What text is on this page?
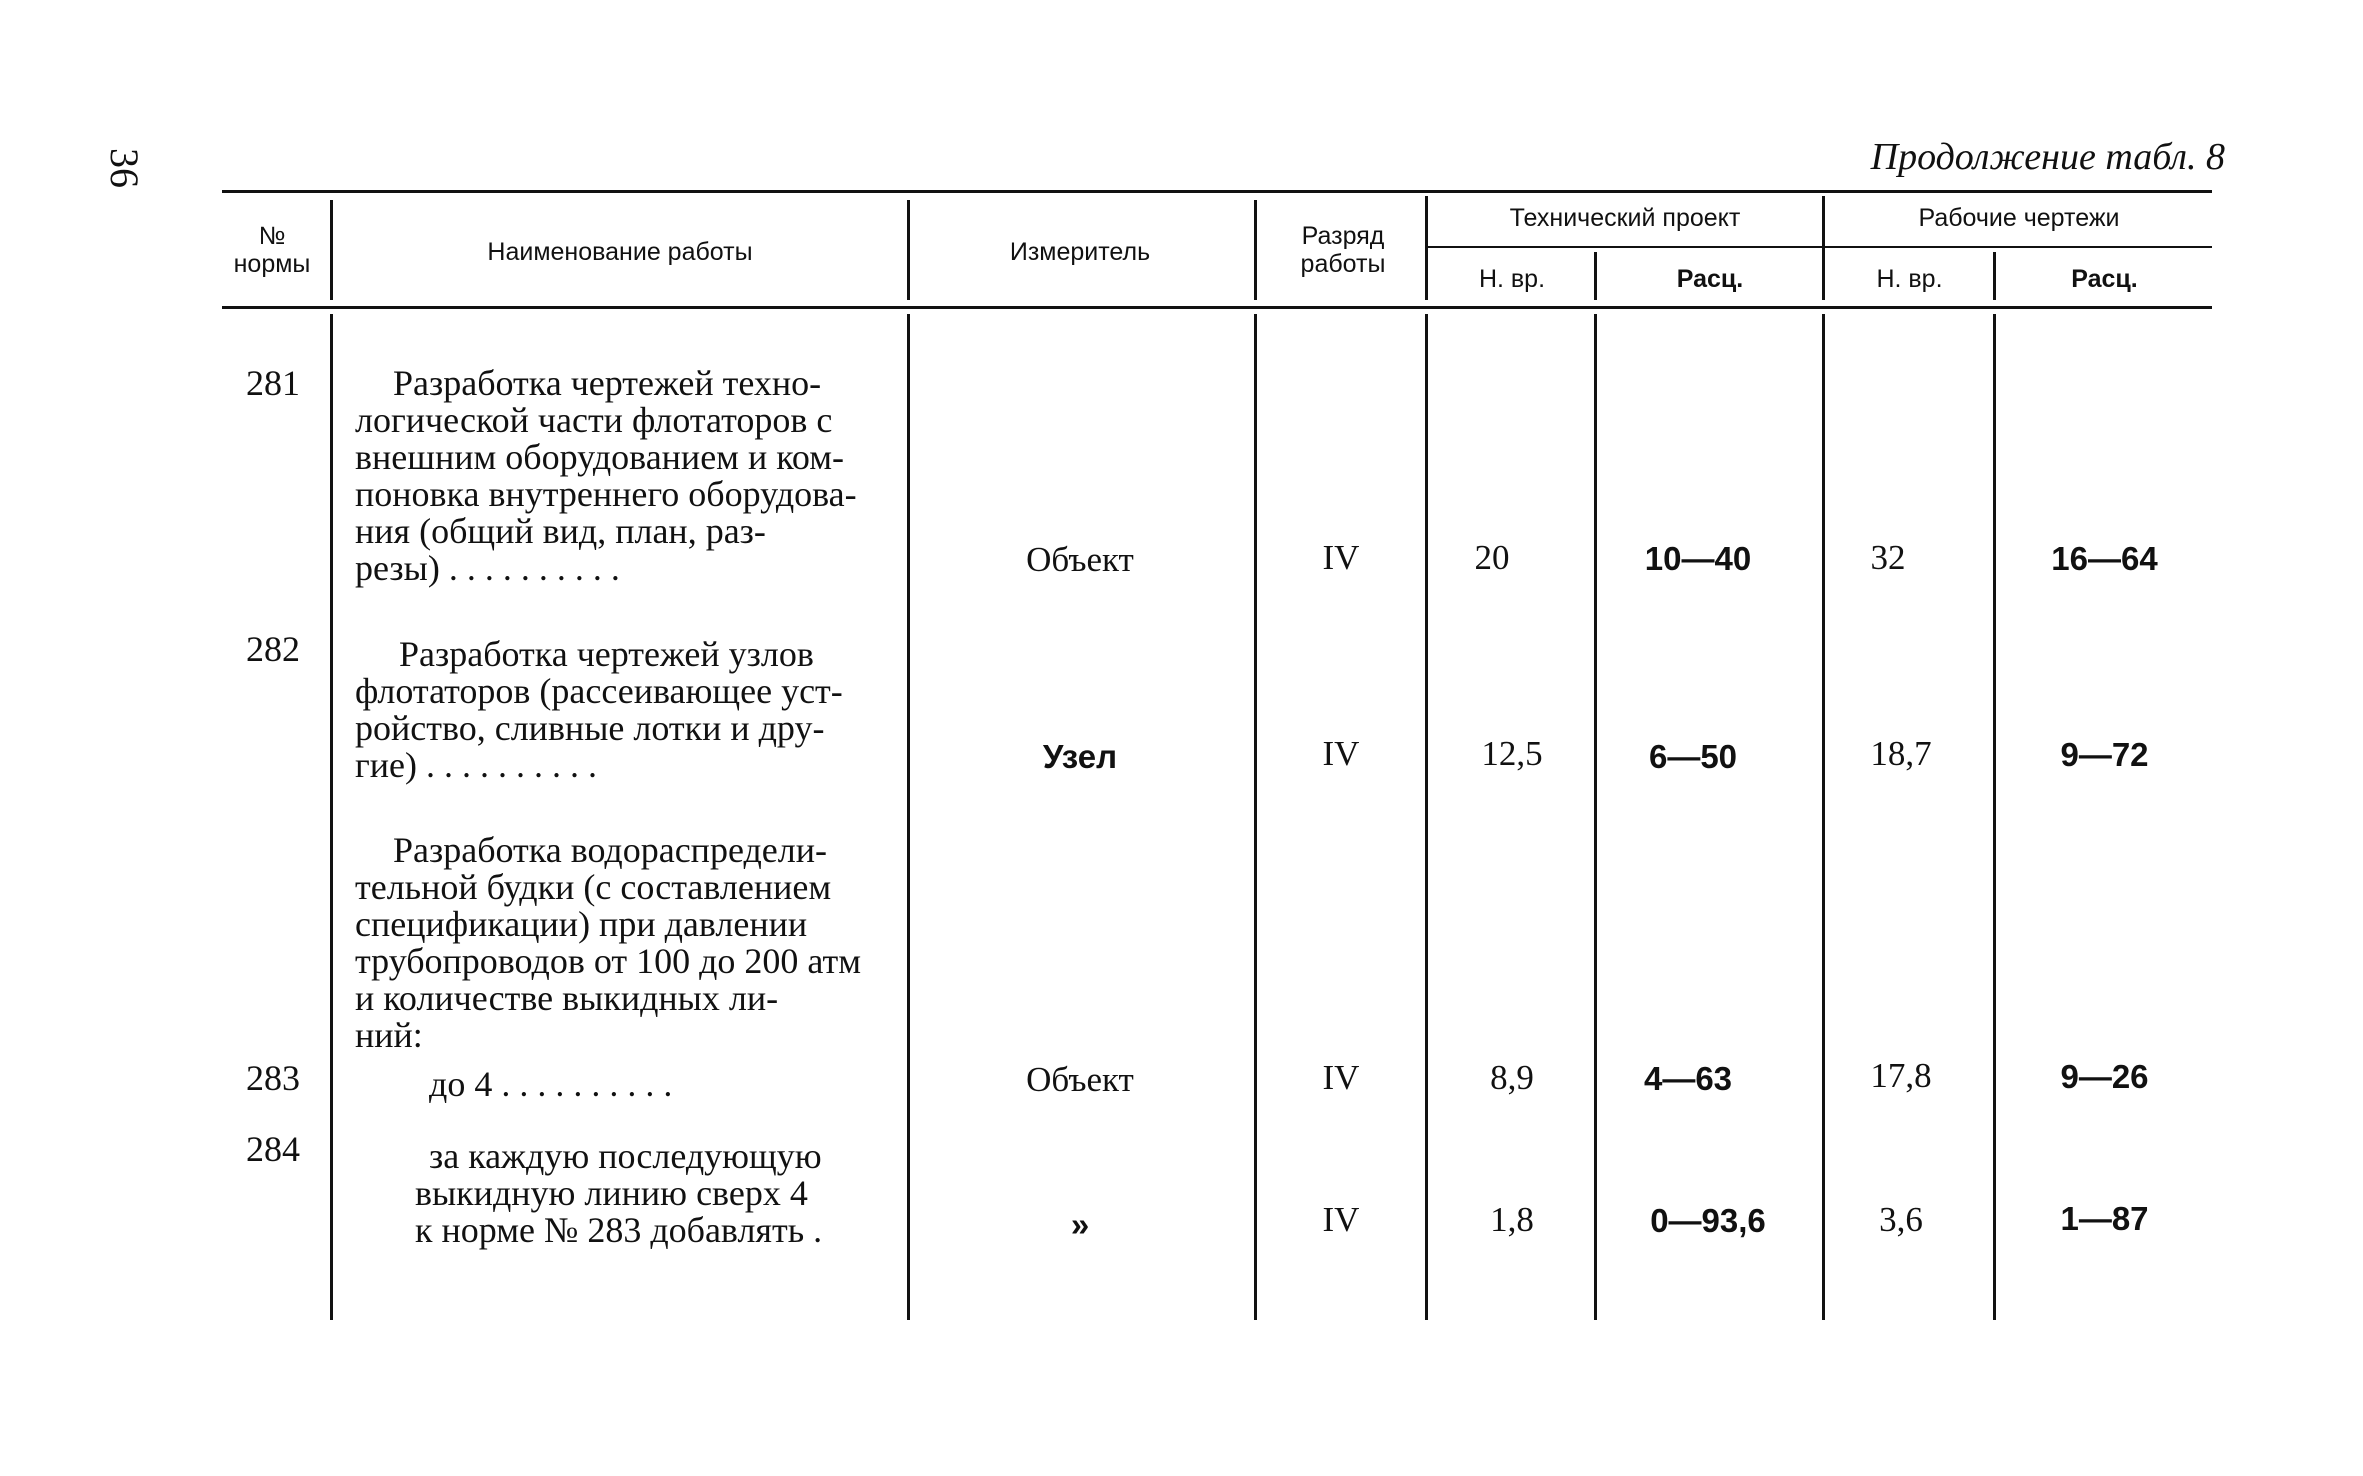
36	Продолжение табл. 8
№ нормы	Наименование работы	Измеритель
Разряд работы
Технический проект	Рабочие чертежи
Н. вр.	Расц.	Н. вр.	Расц.
281	Разработка чертежей техно-
логической части флотаторов с
внешним оборудованием и ком-
поновка внутреннего оборудова-
ния (общий вид, план, раз-
резы) . . . . . . . . . .	Объект	IV	20	10—40	32	16—64
282	Разработка чертежей узлов
флотаторов (рассеивающее уст-
ройство, сливные лотки и дру-
гие) . . . . . . . . . .	Узел	IV	12,5	6—50	18,7	9—72
Разработка водораспредели-
тельной будки (с составлением
спецификации) при давлении
трубопроводов от 100 до 200 атм
и количестве выкидных ли-
ний:
283	до 4 . . . . . . . . . .	Объект	IV	8,9	4—63	17,8	9—26
284	за каждую последующую
выкидную линию сверх 4
к норме № 283 добавлять .	»	IV	1,8	0—93,6	3,6	1—87
